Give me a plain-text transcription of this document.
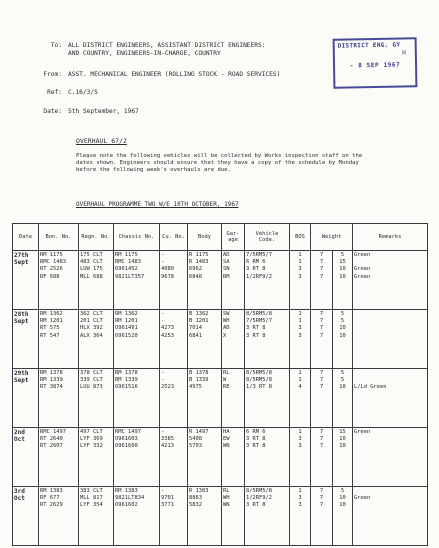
To: ALL DISTRICT ENGINEERS, ASSISTANT DISTRICT ENGINEERS:
AND COUNTRY, ENGINEERS-IN-CHARGE, COUNTRY
From: ASST. MECHANICAL ENGINEER (ROLLING STOCK - ROAD SERVICES)
Ref: C.16/3/5
Date: 5th September, 1967
DISTRICT ENG. GY
H
- 8 SEP 1967
OVERHAUL 67/2
Please note the following vehicles will be collected by Works inspection staff on the dates shown. Engineers should ensure that they have a copy of the schedule by Monday before the following week's overhauls are due.
OVERHAUL PROGRAMME TWO W/E 10TH OCTOBER, 1967
Date	Bon. No.	Regn. No.	Chassis No.	Cu. No.	Body	Gar-age	Vehicle Code.	BOS	Weight		Remarks

27th
Sept	RM 1175
RMC 1483
RT 2526
RF 688	175 CLT
483 CLT
LUW 175
MLL 688	RM 1175
RMC 1483
O961452
9821LT357	-
-
4080
9678	R 1175
R 1483
6962
6848	AD
SA
SN
RM	7/5RM5/7
6 RM 6
3 RT 8
1/2RF9/2	1
1
3
3	7
7
7
7	5
15
10
10	Green
Green
Green

28th
Sept	RM 1362
RM 1201
RT 575
RT 547	362 CLT
201 CLT
HLX 392
ALX 364	RM 1362
RM 1201
O961491
O961520	-
-
4273
4253	B 1362
B 1201
7014
6841	SW
WH
AD
X	8/5RM5/8
7/5RM5/7
3 RT 8
3 RT 8	1
1
3
3	7
7
7
7	5
5
10
10	

29th
Sept	RM 1378
RM 1339
RT 3874	378 CLT
339 CLT
LUU 873	RM 1378
RM 1339
O961516	-
-
2523	B 1378
B 1339
4975	RL
W
RE	8/5RM5/8
8/5RM5/8
1/3 RT 8	1
1
4	7
7
7	5
5
10	L/Ld Green

2nd
Oct	RMC 1497
RT 2640
RT 2607	497 CLT
LYF 369
LYF 332	RMC 1497
O961603
O961600	-
3385
4213	R 1497
5408
5703	HA
EW
WN	6 RM 6
3 RT 8
3 RT 8	1
3
3	7
7
7	15
10
10	Green

3rd
Oct	RM 1383
RF 677
RT 2629	383 CLT
MLL 817
LYF 354	RM 1383
9821LT834
O961602	-
9701
3771	R 1383
8863
5832	RL
WH
WN	8/5RM5/8
1/2RF9/2
3 RT 8	1
3
3	7
7
7	5
10
10	Green
